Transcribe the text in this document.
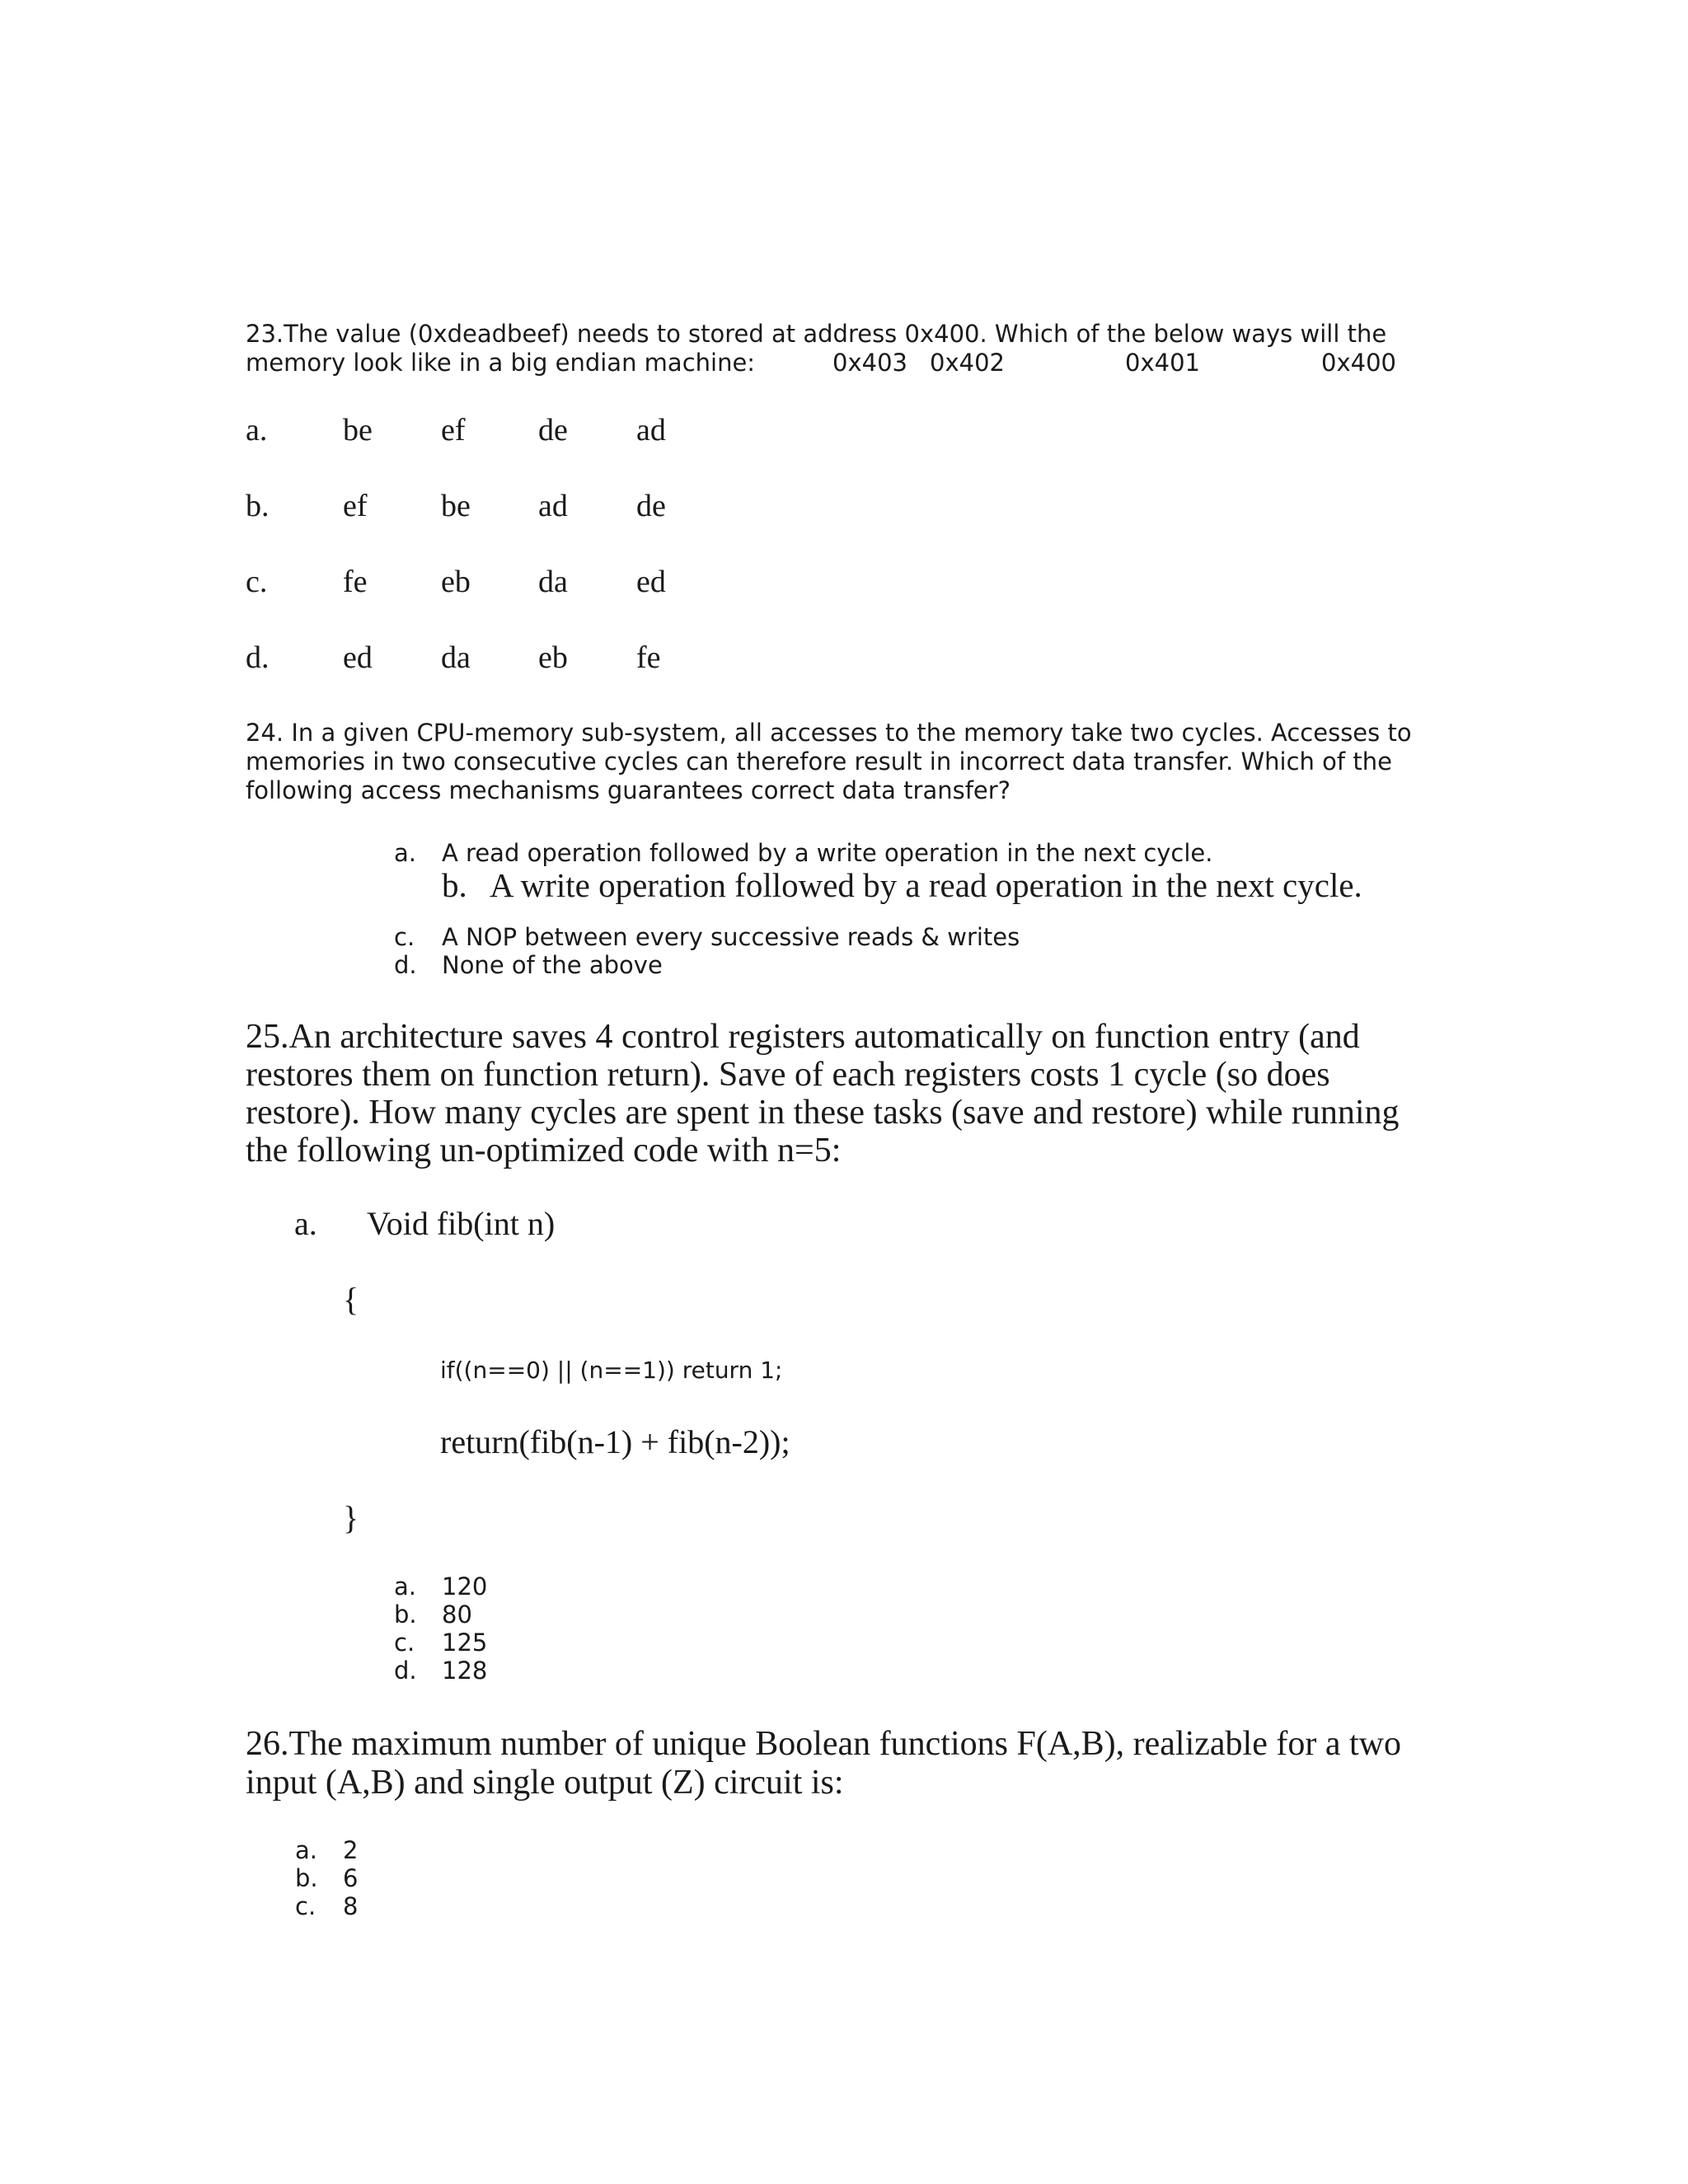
23.The value (0xdeadbeef) needs to stored at address 0x400. Which of the below ways will the memory look like in a big endian machine:	0x403 0x402	0x401	0x400
a. be ef de ad
b. ef be ad de
c. fe eb da ed
d. ed da eb fe
24. In a given CPU-memory sub-system, all accesses to the memory take two cycles. Accesses to memories in two consecutive cycles can therefore result in incorrect data transfer. Which of the following access mechanisms guarantees correct data transfer?
a. A read operation followed by a write operation in the next cycle.
b. A write operation followed by a read operation in the next cycle.
c. A NOP between every successive reads & writes
d. None of the above
25.An architecture saves 4 control registers automatically on function entry (and restores them on function return). Save of each registers costs 1 cycle (so does restore). How many cycles are spent in these tasks (save and restore) while running the following un-optimized code with n=5:
a. Void fib(int n)
{
if((n==0) || (n==1)) return 1;
return(fib(n-1) + fib(n-2));
}
a. 120
b. 80
c. 125
d. 128
26.The maximum number of unique Boolean functions F(A,B), realizable for a two input (A,B) and single output (Z) circuit is:
a. 2
b. 6
c. 8
